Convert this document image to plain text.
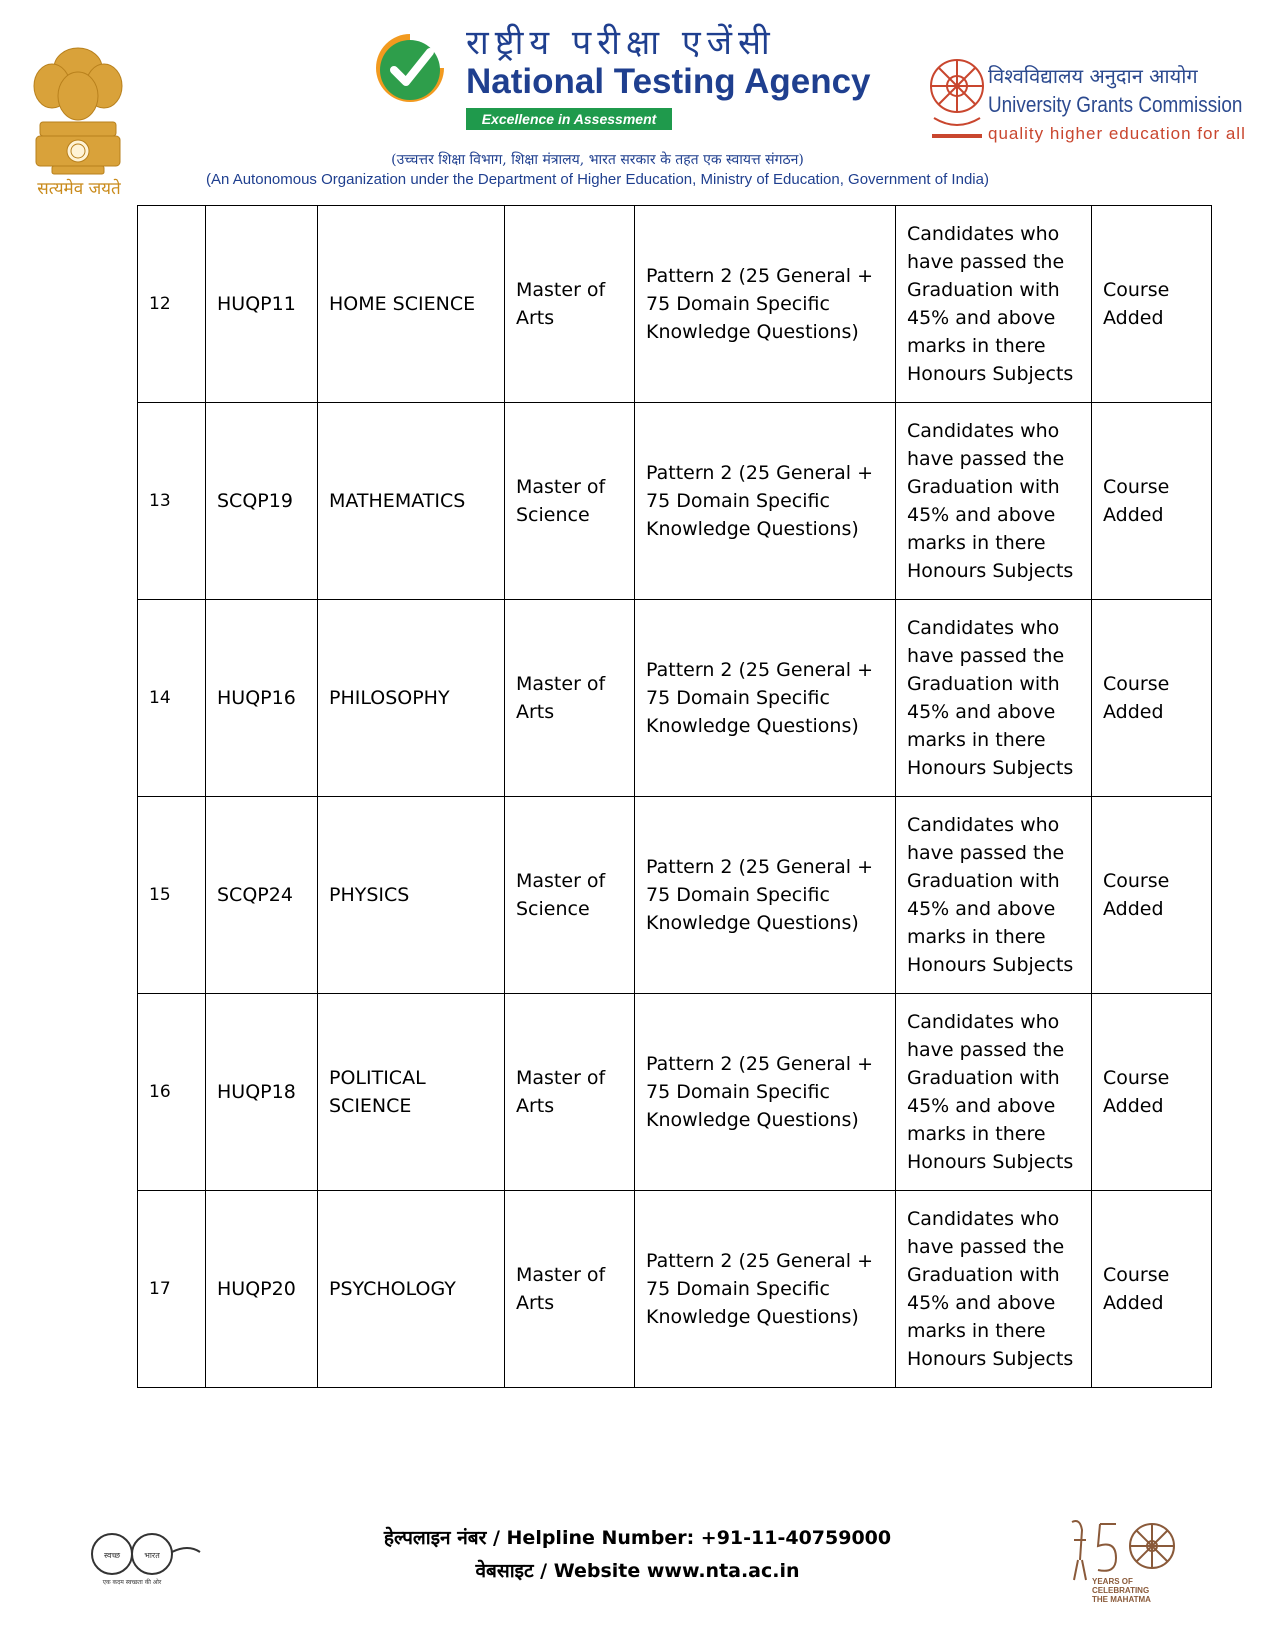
सत्यमेव जयते
राष्ट्रीय परीक्षा एजेंसी
National Testing Agency
Excellence in Assessment
विश्वविद्यालय अनुदान आयोग
University Grants Commission
quality higher education for all
(उच्चत्तर शिक्षा विभाग, शिक्षा मंत्रालय, भारत सरकार के तहत एक स्वायत्त संगठन)
(An Autonomous Organization under the Department of Higher Education, Ministry of Education, Government of India)
12	HUQP11	HOME SCIENCE	Master of Arts	Pattern 2 (25 General + 75 Domain Specific Knowledge Questions)	Candidates who have passed the Graduation with 45% and above marks in there Honours Subjects	Course Added
13	SCQP19	MATHEMATICS	Master of Science	Pattern 2 (25 General + 75 Domain Specific Knowledge Questions)	Candidates who have passed the Graduation with 45% and above marks in there Honours Subjects	Course Added
14	HUQP16	PHILOSOPHY	Master of Arts	Pattern 2 (25 General + 75 Domain Specific Knowledge Questions)	Candidates who have passed the Graduation with 45% and above marks in there Honours Subjects	Course Added
15	SCQP24	PHYSICS	Master of Science	Pattern 2 (25 General + 75 Domain Specific Knowledge Questions)	Candidates who have passed the Graduation with 45% and above marks in there Honours Subjects	Course Added
16	HUQP18	POLITICAL SCIENCE	Master of Arts	Pattern 2 (25 General + 75 Domain Specific Knowledge Questions)	Candidates who have passed the Graduation with 45% and above marks in there Honours Subjects	Course Added
17	HUQP20	PSYCHOLOGY	Master of Arts	Pattern 2 (25 General + 75 Domain Specific Knowledge Questions)	Candidates who have passed the Graduation with 45% and above marks in there Honours Subjects	Course Added
स्वच्छ	भारत
एक कदम स्वच्छता की ओर
हेल्पलाइन नंबर / Helpline Number: +91-11-40759000
वेबसाइट / Website www.nta.ac.in	YEARS OF
CELEBRATING
THE MAHATMA
